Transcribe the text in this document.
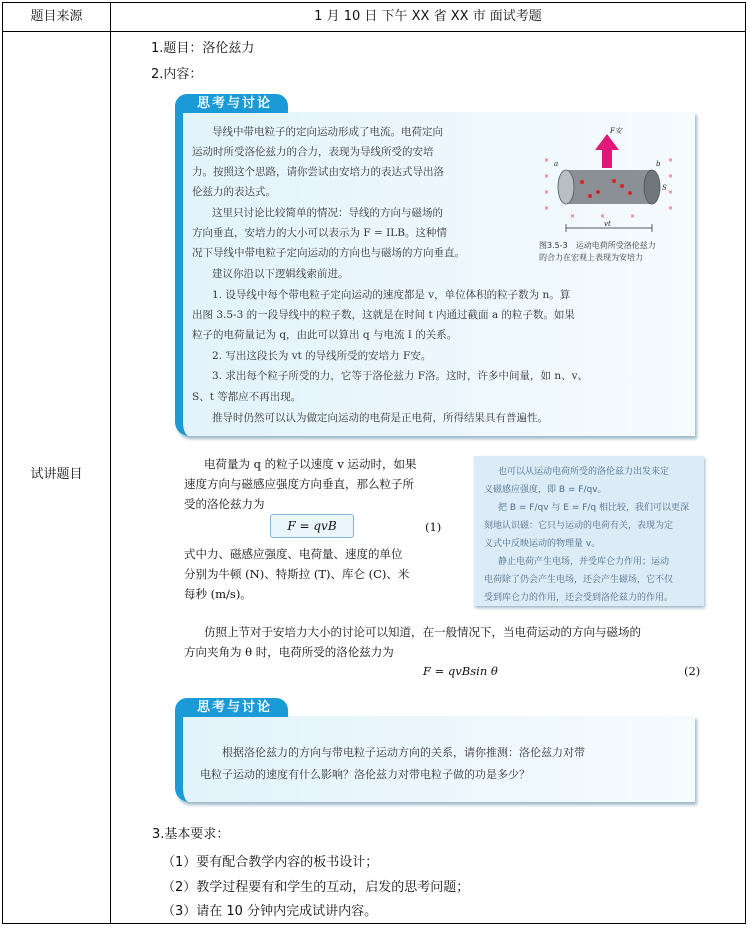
题目来源	1 月 10 日 下午 XX 省 XX 市 面试考题
试讲题目
1.题目：洛伦兹力
2.内容：
思考与讨论
导线中带电粒子的定向运动形成了电流。电荷定向
运动时所受洛伦兹力的合力，表现为导线所受的安培
力。按照这个思路，请你尝试由安培力的表达式导出洛
伦兹力的表达式。
这里只讨论比较简单的情况：导线的方向与磁场的
方向垂直，安培力的大小可以表示为 F = ILB。这种情
况下导线中带电粒子定向运动的方向也与磁场的方向垂直。
建议你沿以下逻辑线索前进。
1. 设导线中每个带电粒子定向运动的速度都是 v，单位体积的粒子数为 n。算
出图 3.5-3 的一段导线中的粒子数，这就是在时间 t 内通过截面 a 的粒子数。如果
粒子的电荷量记为 q，由此可以算出 q 与电流 I 的关系。
2. 写出这段长为 vt 的导线所受的安培力 F安。
3. 求出每个粒子所受的力，它等于洛伦兹力 F洛。这时，许多中间量，如 n、v、
S、t 等都应不再出现。
推导时仍然可以认为做定向运动的电荷是正电荷，所得结果具有普遍性。
×
×
×
×
×
×
×
×
×	×	×
F安
a	b
S
vt
图3.5-3　运动电荷所受洛伦兹力
的合力在宏观上表现为安培力
电荷量为 q 的粒子以速度 v 运动时，如果
速度方向与磁感应强度方向垂直，那么粒子所
受的洛伦兹力为
F = qvB	(1)
式中力、磁感应强度、电荷量、速度的单位
分别为牛顿 (N)、特斯拉 (T)、库仑 (C)、米
每秒 (m/s)。
也可以从运动电荷所受的洛伦兹力出发来定
义磁感应强度，即 B = F/qv。
把 B = F/qv 与 E = F/q 相比较，我们可以更深
刻地认识磁：它只与运动的电荷有关，表现为定
义式中反映运动的物理量 v。
静止电荷产生电场，并受库仑力作用；运动
电荷除了仍会产生电场，还会产生磁场，它不仅
受到库仑力的作用，还会受到洛伦兹力的作用。
仿照上节对于安培力大小的讨论可以知道，在一般情况下，当电荷运动的方向与磁场的
方向夹角为 θ 时，电荷所受的洛伦兹力为
F = qvBsin θ	(2)
思考与讨论
根据洛伦兹力的方向与带电粒子运动方向的关系，请你推测：洛伦兹力对带
电粒子运动的速度有什么影响？洛伦兹力对带电粒子做的功是多少？
3.基本要求：
（1）要有配合教学内容的板书设计；
（2）教学过程要有和学生的互动，启发的思考问题；
（3）请在 10 分钟内完成试讲内容。
